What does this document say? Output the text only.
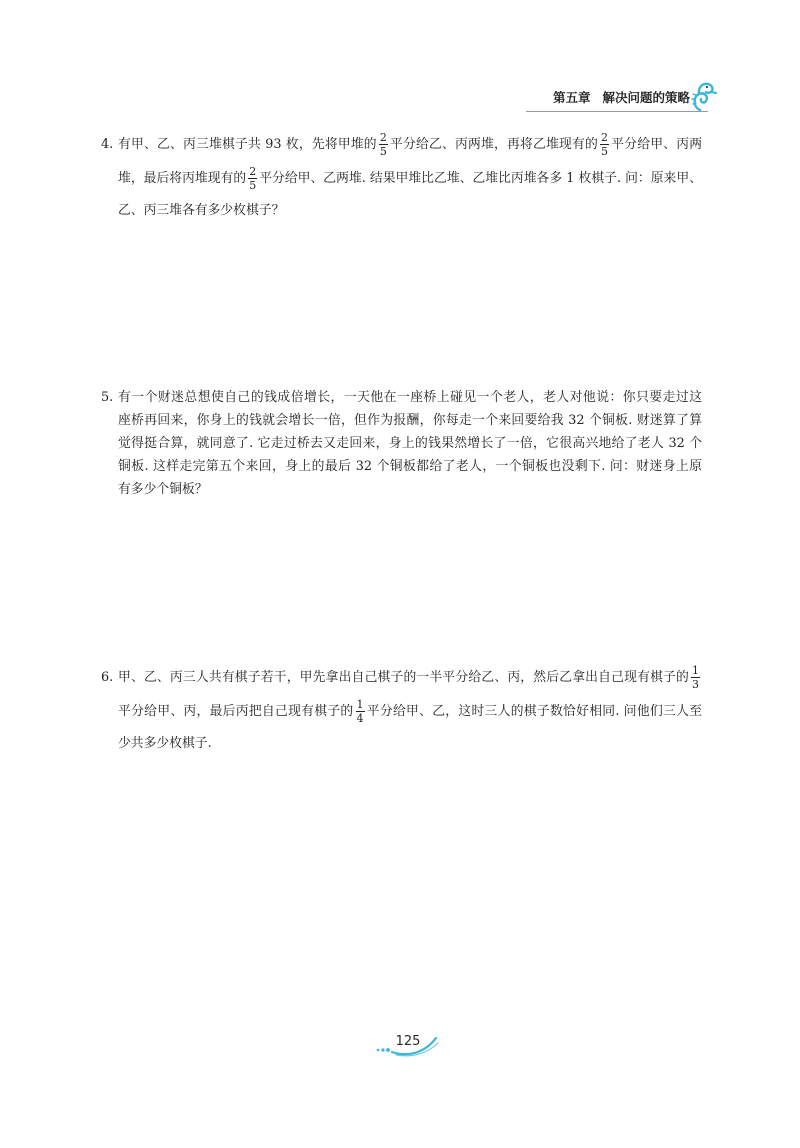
第五章 解决问题的策略
4. 有甲、乙、丙三堆棋子共 93 枚，先将甲堆的 $\frac{2}{5}$ 平分给乙、丙两堆，再将乙堆现有的 $\frac{2}{5}$ 平分给甲、丙两
堆，最后将丙堆现有的 $\frac{2}{5}$ 平分给甲、乙两堆. 结果甲堆比乙堆、乙堆比丙堆各多 1 枚棋子. 问：原来甲、
乙、丙三堆各有多少枚棋子？
5. 有一个财迷总想使自己的钱成倍增长，一天他在一座桥上碰见一个老人，老人对他说：你只要走过这
座桥再回来，你身上的钱就会增长一倍，但作为报酬，你每走一个来回要给我 32 个铜板. 财迷算了算
觉得挺合算，就同意了. 它走过桥去又走回来，身上的钱果然增长了一倍，它很高兴地给了老人 32 个
铜板. 这样走完第五个来回，身上的最后 32 个铜板都给了老人，一个铜板也没剩下. 问：财迷身上原
有多少个铜板？
6. 甲、乙、丙三人共有棋子若干，甲先拿出自己棋子的一半平分给乙、丙，然后乙拿出自己现有棋子的 $\frac{1}{3}$
平分给甲、丙，最后丙把自己现有棋子的 $\frac{1}{4}$ 平分给甲、乙，这时三人的棋子数恰好相同. 问他们三人至
少共多少枚棋子.
125
